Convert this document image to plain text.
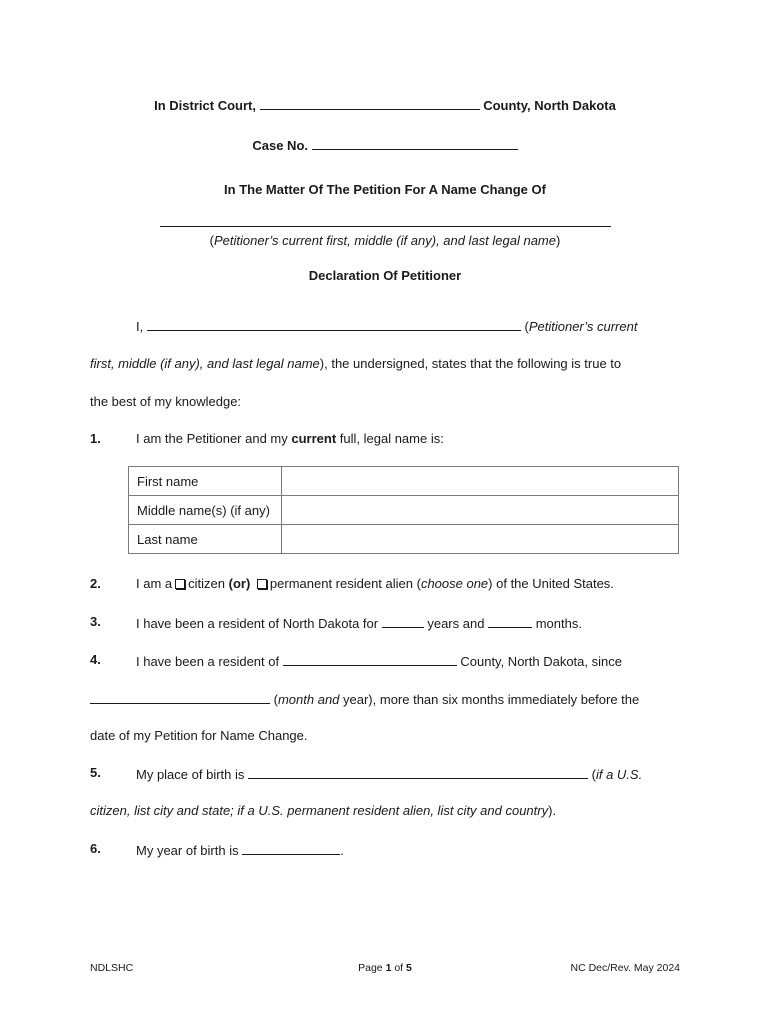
In District Court,	County, North Dakota
Case No.
In The Matter Of The Petition For A Name Change Of
(Petitioner’s current first, middle (if any), and last legal name)
Declaration Of Petitioner
I,	(Petitioner’s current
first, middle (if any), and last legal name), the undersigned, states that the following is true to
the best of my knowledge:
1.	I am the Petitioner and my current full, legal name is:
First name	
Middle name(s) (if any)	
Last name	
2.	I am a citizen (or) permanent resident alien (choose one) of the United States.
3.	I have been a resident of North Dakota for	years and	months.
4.	I have been a resident of	County, North Dakota, since
(month and year), more than six months immediately before the
date of my Petition for Name Change.
5.	My place of birth is	(if a U.S.
citizen, list city and state; if a U.S. permanent resident alien, list city and country).
6.	My year of birth is	.
NDLSHC	Page 1 of 5	NC Dec/Rev. May 2024
